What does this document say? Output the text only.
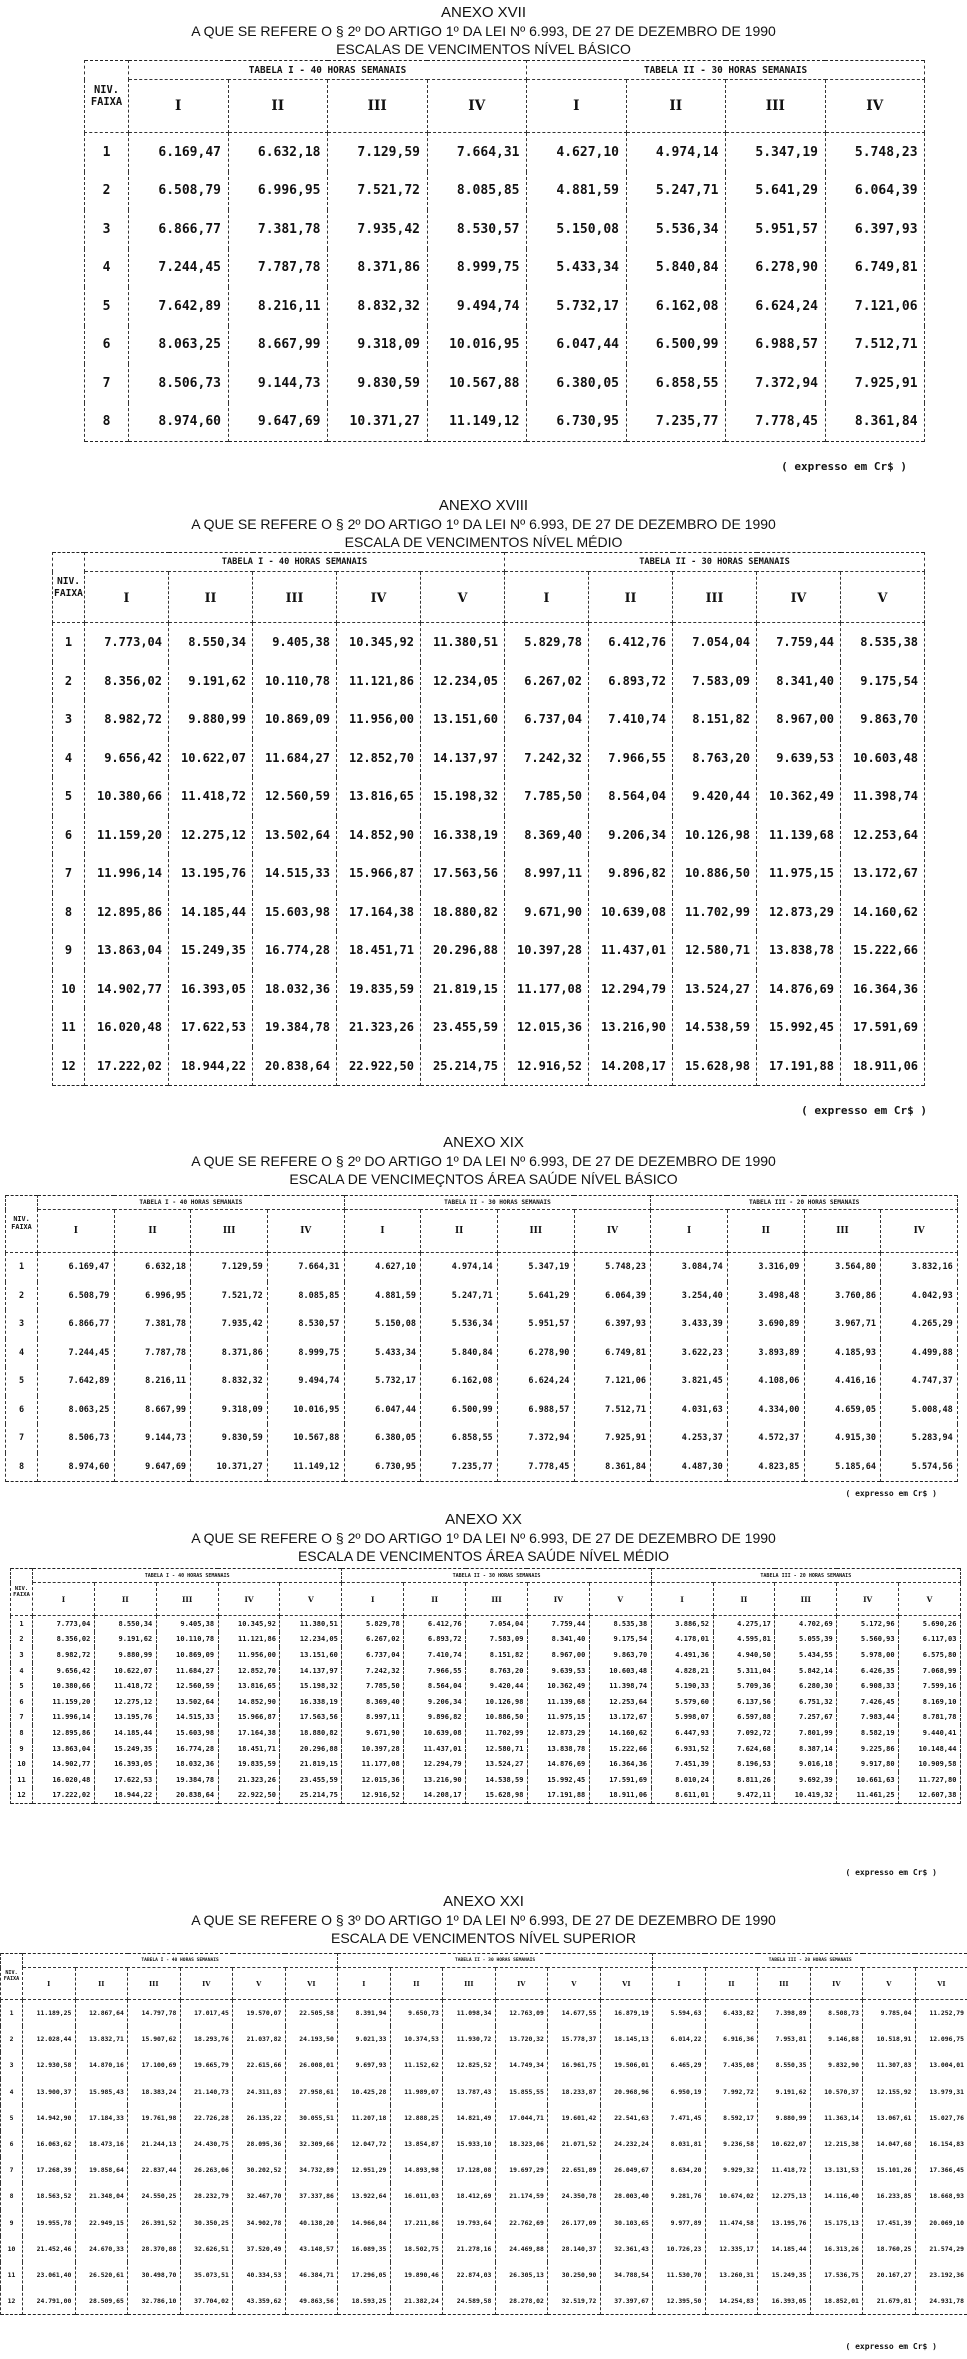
ANEXO XVII
A QUE SE REFERE O § 2º DO ARTIGO 1º DA LEI Nº 6.993, DE 27 DE DEZEMBRO DE 1990
ESCALAS DE VENCIMENTOS NÍVEL BÁSICO
NIV. FAIXA	TABELA I - 40 HORAS SEMANAIS				TABELA II - 30 HORAS SEMANAIS			
	I	II	III	IV	I	II	III	IV
1	6.169,47	6.632,18	7.129,59	7.664,31	4.627,10	4.974,14	5.347,19	5.748,23
2	6.508,79	6.996,95	7.521,72	8.085,85	4.881,59	5.247,71	5.641,29	6.064,39
3	6.866,77	7.381,78	7.935,42	8.530,57	5.150,08	5.536,34	5.951,57	6.397,93
4	7.244,45	7.787,78	8.371,86	8.999,75	5.433,34	5.840,84	6.278,90	6.749,81
5	7.642,89	8.216,11	8.832,32	9.494,74	5.732,17	6.162,08	6.624,24	7.121,06
6	8.063,25	8.667,99	9.318,09	10.016,95	6.047,44	6.500,99	6.988,57	7.512,71
7	8.506,73	9.144,73	9.830,59	10.567,88	6.380,05	6.858,55	7.372,94	7.925,91
8	8.974,60	9.647,69	10.371,27	11.149,12	6.730,95	7.235,77	7.778,45	8.361,84
( expresso em Cr$ )
ANEXO XVIII
A QUE SE REFERE O § 2º DO ARTIGO 1º DA LEI Nº 6.993, DE 27 DE DEZEMBRO DE 1990
ESCALA DE VENCIMENTOS NÍVEL MÉDIO
NIV. FAIXA	TABELA I - 40 HORAS SEMANAIS					TABELA II - 30 HORAS SEMANAIS				
	I	II	III	IV	V	I	II	III	IV	V
1	7.773,04	8.550,34	9.405,38	10.345,92	11.380,51	5.829,78	6.412,76	7.054,04	7.759,44	8.535,38
2	8.356,02	9.191,62	10.110,78	11.121,86	12.234,05	6.267,02	6.893,72	7.583,09	8.341,40	9.175,54
3	8.982,72	9.880,99	10.869,09	11.956,00	13.151,60	6.737,04	7.410,74	8.151,82	8.967,00	9.863,70
4	9.656,42	10.622,07	11.684,27	12.852,70	14.137,97	7.242,32	7.966,55	8.763,20	9.639,53	10.603,48
5	10.380,66	11.418,72	12.560,59	13.816,65	15.198,32	7.785,50	8.564,04	9.420,44	10.362,49	11.398,74
6	11.159,20	12.275,12	13.502,64	14.852,90	16.338,19	8.369,40	9.206,34	10.126,98	11.139,68	12.253,64
7	11.996,14	13.195,76	14.515,33	15.966,87	17.563,56	8.997,11	9.896,82	10.886,50	11.975,15	13.172,67
8	12.895,86	14.185,44	15.603,98	17.164,38	18.880,82	9.671,90	10.639,08	11.702,99	12.873,29	14.160,62
9	13.863,04	15.249,35	16.774,28	18.451,71	20.296,88	10.397,28	11.437,01	12.580,71	13.838,78	15.222,66
10	14.902,77	16.393,05	18.032,36	19.835,59	21.819,15	11.177,08	12.294,79	13.524,27	14.876,69	16.364,36
11	16.020,48	17.622,53	19.384,78	21.323,26	23.455,59	12.015,36	13.216,90	14.538,59	15.992,45	17.591,69
12	17.222,02	18.944,22	20.838,64	22.922,50	25.214,75	12.916,52	14.208,17	15.628,98	17.191,88	18.911,06
( expresso em Cr$ )
ANEXO XIX
A QUE SE REFERE O § 2º DO ARTIGO 1º DA LEI Nº 6.993, DE 27 DE DEZEMBRO DE 1990
ESCALA DE VENCIMEÇNTOS ÁREA SAÚDE NÍVEL BÁSICO
NIV. FAIXA	TABELA I - 40 HORAS SEMANAIS				TABELA II - 30 HORAS SEMANAIS				TABELA III - 20 HORAS SEMANAIS			
	I	II	III	IV	I	II	III	IV	I	II	III	IV
1	6.169,47	6.632,18	7.129,59	7.664,31	4.627,10	4.974,14	5.347,19	5.748,23	3.084,74	3.316,09	3.564,80	3.832,16
2	6.508,79	6.996,95	7.521,72	8.085,85	4.881,59	5.247,71	5.641,29	6.064,39	3.254,40	3.498,48	3.760,86	4.042,93
3	6.866,77	7.381,78	7.935,42	8.530,57	5.150,08	5.536,34	5.951,57	6.397,93	3.433,39	3.690,89	3.967,71	4.265,29
4	7.244,45	7.787,78	8.371,86	8.999,75	5.433,34	5.840,84	6.278,90	6.749,81	3.622,23	3.893,89	4.185,93	4.499,88
5	7.642,89	8.216,11	8.832,32	9.494,74	5.732,17	6.162,08	6.624,24	7.121,06	3.821,45	4.108,06	4.416,16	4.747,37
6	8.063,25	8.667,99	9.318,09	10.016,95	6.047,44	6.500,99	6.988,57	7.512,71	4.031,63	4.334,00	4.659,05	5.008,48
7	8.506,73	9.144,73	9.830,59	10.567,88	6.380,05	6.858,55	7.372,94	7.925,91	4.253,37	4.572,37	4.915,30	5.283,94
8	8.974,60	9.647,69	10.371,27	11.149,12	6.730,95	7.235,77	7.778,45	8.361,84	4.487,30	4.823,85	5.185,64	5.574,56
( expresso em Cr$ )
ANEXO XX
A QUE SE REFERE O § 2º DO ARTIGO 1º DA LEI Nº 6.993, DE 27 DE DEZEMBRO DE 1990
ESCALA DE VENCIMENTOS ÁREA SAÚDE NÍVEL MÉDIO
NIV. FAIXA	TABELA I - 40 HORAS SEMANAIS					TABELA II - 30 HORAS SEMANAIS					TABELA III - 20 HORAS SEMANAIS				
	I	II	III	IV	V	I	II	III	IV	V	I	II	III	IV	V
1	7.773,04	8.550,34	9.405,38	10.345,92	11.380,51	5.829,78	6.412,76	7.054,04	7.759,44	8.535,38	3.886,52	4.275,17	4.702,69	5.172,96	5.690,26
2	8.356,02	9.191,62	10.110,78	11.121,86	12.234,05	6.267,02	6.893,72	7.583,09	8.341,40	9.175,54	4.178,01	4.595,81	5.055,39	5.560,93	6.117,03
3	8.982,72	9.880,99	10.869,09	11.956,00	13.151,60	6.737,04	7.410,74	8.151,82	8.967,00	9.863,70	4.491,36	4.940,50	5.434,55	5.978,00	6.575,80
4	9.656,42	10.622,07	11.684,27	12.852,70	14.137,97	7.242,32	7.966,55	8.763,20	9.639,53	10.603,48	4.828,21	5.311,04	5.842,14	6.426,35	7.068,99
5	10.380,66	11.418,72	12.560,59	13.816,65	15.198,32	7.785,50	8.564,04	9.420,44	10.362,49	11.398,74	5.190,33	5.709,36	6.280,30	6.908,33	7.599,16
6	11.159,20	12.275,12	13.502,64	14.852,90	16.338,19	8.369,40	9.206,34	10.126,98	11.139,68	12.253,64	5.579,60	6.137,56	6.751,32	7.426,45	8.169,10
7	11.996,14	13.195,76	14.515,33	15.966,87	17.563,56	8.997,11	9.896,82	10.886,50	11.975,15	13.172,67	5.998,07	6.597,88	7.257,67	7.983,44	8.781,78
8	12.895,86	14.185,44	15.603,98	17.164,38	18.880,82	9.671,90	10.639,08	11.702,99	12.873,29	14.160,62	6.447,93	7.092,72	7.801,99	8.582,19	9.440,41
9	13.863,04	15.249,35	16.774,28	18.451,71	20.296,88	10.397,28	11.437,01	12.580,71	13.838,78	15.222,66	6.931,52	7.624,68	8.387,14	9.225,86	10.148,44
10	14.902,77	16.393,05	18.032,36	19.835,59	21.819,15	11.177,08	12.294,79	13.524,27	14.876,69	16.364,36	7.451,39	8.196,53	9.016,18	9.917,80	10.909,58
11	16.020,48	17.622,53	19.384,78	21.323,26	23.455,59	12.015,36	13.216,90	14.538,59	15.992,45	17.591,69	8.010,24	8.811,26	9.692,39	10.661,63	11.727,80
12	17.222,02	18.944,22	20.838,64	22.922,50	25.214,75	12.916,52	14.208,17	15.628,98	17.191,88	18.911,06	8.611,01	9.472,11	10.419,32	11.461,25	12.607,38
( expresso em Cr$ )
ANEXO XXI
A QUE SE REFERE O § 3º DO ARTIGO 1º DA LEI Nº 6.993, DE 27 DE DEZEMBRO DE 1990
ESCALA DE VENCIMENTOS NÍVEL SUPERIOR
NIV. FAIXA	TABELA I - 40 HORAS SEMANAIS						TABELA II - 30 HORAS SEMANAIS						TABELA III - 20 HORAS SEMANAIS					
	I	II	III	IV	V	VI	I	II	III	IV	V	VI	I	II	III	IV	V	VI
1	11.189,25	12.867,64	14.797,78	17.017,45	19.570,07	22.505,58	8.391,94	9.650,73	11.098,34	12.763,09	14.677,55	16.879,19	5.594,63	6.433,82	7.398,89	8.508,73	9.785,04	11.252,79
2	12.028,44	13.832,71	15.907,62	18.293,76	21.037,82	24.193,50	9.021,33	10.374,53	11.930,72	13.720,32	15.778,37	18.145,13	6.014,22	6.916,36	7.953,81	9.146,88	10.518,91	12.096,75
3	12.930,58	14.870,16	17.100,69	19.665,79	22.615,66	26.008,01	9.697,93	11.152,62	12.825,52	14.749,34	16.961,75	19.506,01	6.465,29	7.435,08	8.550,35	9.832,90	11.307,83	13.004,01
4	13.900,37	15.985,43	18.383,24	21.140,73	24.311,83	27.958,61	10.425,28	11.989,07	13.787,43	15.855,55	18.233,87	20.968,96	6.950,19	7.992,72	9.191,62	10.570,37	12.155,92	13.979,31
5	14.942,90	17.184,33	19.761,98	22.726,28	26.135,22	30.055,51	11.207,18	12.888,25	14.821,49	17.044,71	19.601,42	22.541,63	7.471,45	8.592,17	9.880,99	11.363,14	13.067,61	15.027,76
6	16.063,62	18.473,16	21.244,13	24.430,75	28.095,36	32.309,66	12.047,72	13.854,87	15.933,10	18.323,06	21.071,52	24.232,24	8.031,81	9.236,58	10.622,07	12.215,38	14.047,68	16.154,83
7	17.268,39	19.858,64	22.837,44	26.263,06	30.202,52	34.732,89	12.951,29	14.893,98	17.128,08	19.697,29	22.651,89	26.049,67	8.634,20	9.929,32	11.418,72	13.131,53	15.101,26	17.366,45
8	18.563,52	21.348,04	24.550,25	28.232,79	32.467,70	37.337,86	13.922,64	16.011,03	18.412,69	21.174,59	24.350,78	28.003,40	9.281,76	10.674,02	12.275,13	14.116,40	16.233,85	18.668,93
9	19.955,78	22.949,15	26.391,52	30.350,25	34.902,78	40.138,20	14.966,84	17.211,86	19.793,64	22.762,69	26.177,09	30.103,65	9.977,89	11.474,58	13.195,76	15.175,13	17.451,39	20.069,10
10	21.452,46	24.670,33	28.370,88	32.626,51	37.520,49	43.148,57	16.089,35	18.502,75	21.278,16	24.469,88	28.140,37	32.361,43	10.726,23	12.335,17	14.185,44	16.313,26	18.760,25	21.574,29
11	23.061,40	26.520,61	30.498,70	35.073,51	40.334,53	46.384,71	17.296,05	19.890,46	22.874,03	26.305,13	30.250,90	34.788,54	11.530,70	13.260,31	15.249,35	17.536,75	20.167,27	23.192,36
12	24.791,00	28.509,65	32.786,10	37.704,02	43.359,62	49.863,56	18.593,25	21.382,24	24.589,58	28.278,02	32.519,72	37.397,67	12.395,50	14.254,83	16.393,05	18.852,01	21.679,81	24.931,78
( expresso em Cr$ )
